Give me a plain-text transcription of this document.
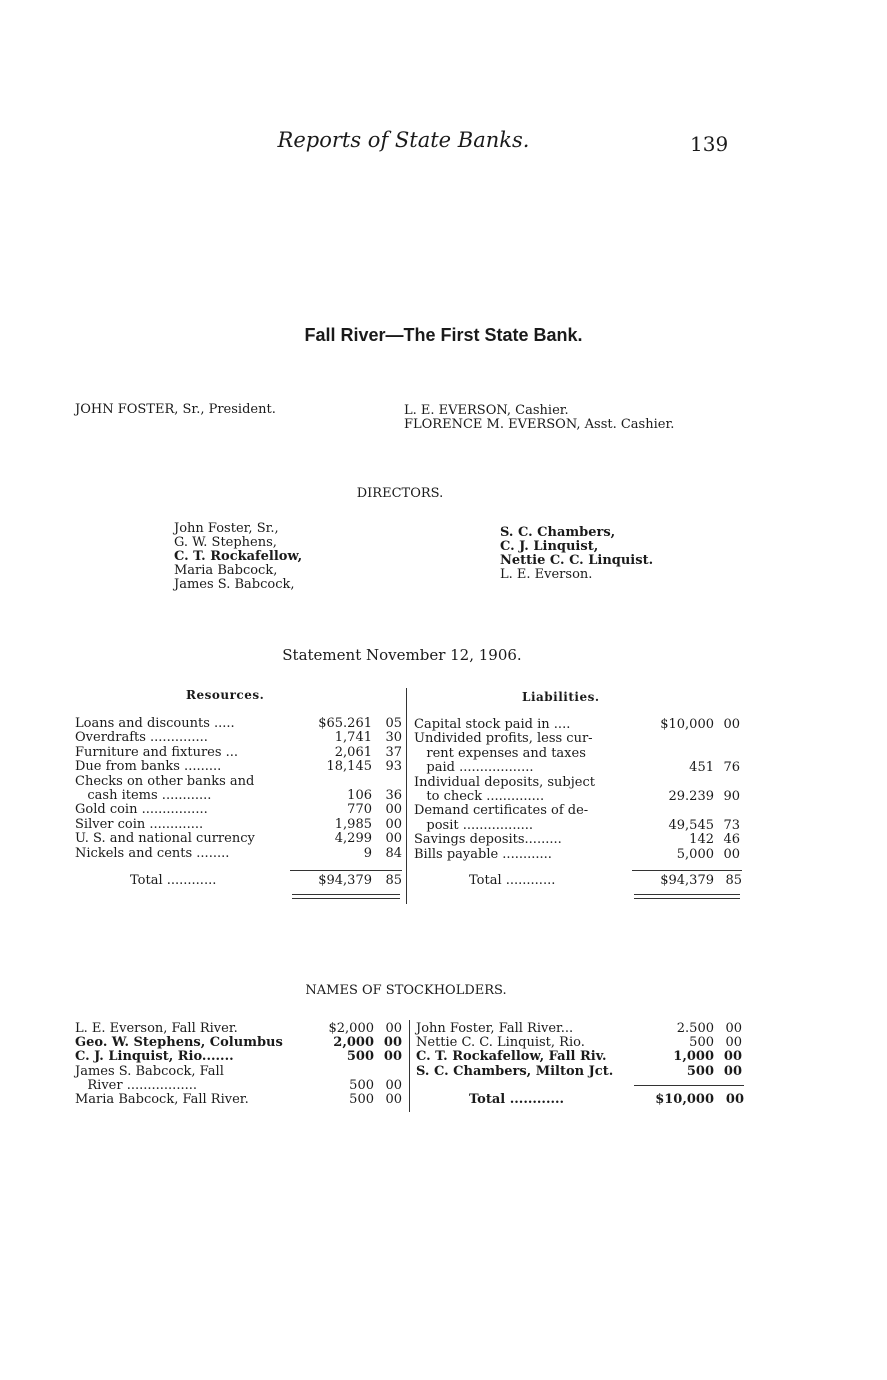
Reports of State Banks.	139
Fall River—The First State Bank.
JOHN FOSTER, Sr., President.	L. E. EVERSON, Cashier.
FLORENCE M. EVERSON, Asst. Cashier.
DIRECTORS.
John Foster, Sr.,
G. W. Stephens,
C. T. Rockafellow,
Maria Babcock,
James S. Babcock,
S. C. Chambers,
C. J. Linquist,
Nettie C. C. Linquist.
L. E. Everson.
Statement November 12, 1906.
Resources.	Liabilities.
Loans and discounts .....	$65.261	05
Overdrafts ..............	1,741	30
Furniture and fixtures ...	2,061	37
Due from banks .........	18,145	93
Checks on other banks and
cash items ............	106	36
Gold coin ................	770	00
Silver coin .............	1,985	00
U. S. and national currency	4,299	00
Nickels and cents ........	9	84
Capital stock paid in ....	$10,000 00
Undivided profits, less cur-
rent expenses and taxes
paid ..................	451 76
Individual deposits, subject
to check ..............	29.239 90
Demand certificates of de-
posit .................	49,545 73
Savings deposits.........	142 46
Bills payable ............	5,000 00
Total ............	$94,379	85	Total ............	$94,379 85
NAMES OF STOCKHOLDERS.
L. E. Everson, Fall River.	$2,000 00
Geo. W. Stephens, Columbus	2,000 00
C. J. Linquist, Rio.......	500 00
James S. Babcock, Fall
River .................	500 00
Maria Babcock, Fall River.	500 00
John Foster, Fall River...	2.500 00
Nettie C. C. Linquist, Rio.	500 00
C. T. Rockafellow, Fall Riv.	1,000 00
S. C. Chambers, Milton Jct.	500 00
Total ............	$10,000 00
